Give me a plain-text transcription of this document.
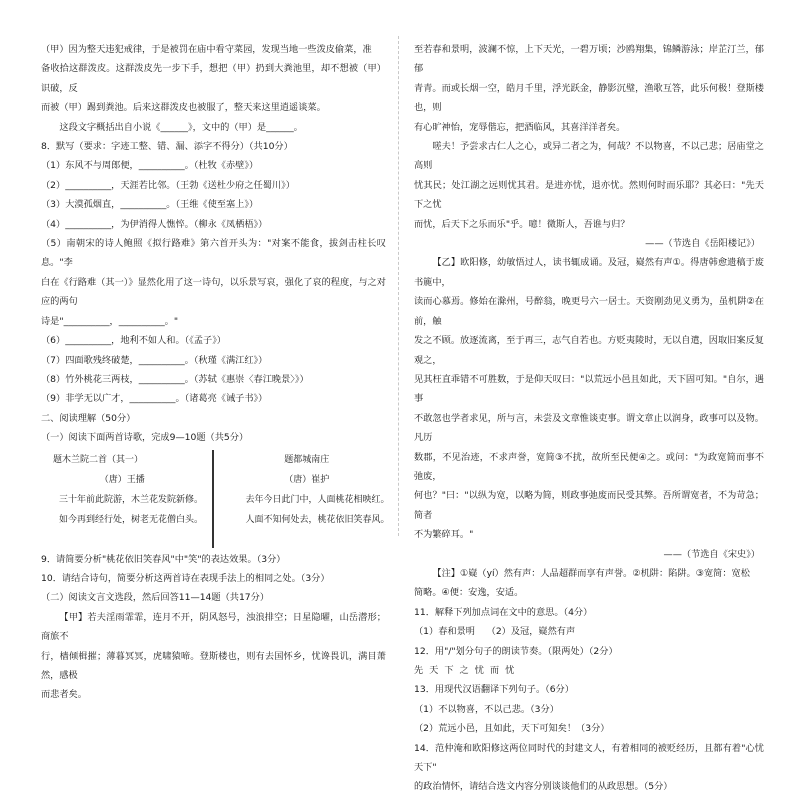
（甲）因为整天违犯戒律，于是被罚在庙中看守菜园，发现当地一些泼皮偷菜，准

备收拾这群泼皮。这群泼皮先一步下手，想把（甲）扔到大粪池里，却不想被（甲）识破，反

而被（甲）踢到粪池。后来这群泼皮也被服了，整天来这里逍遥谈菜。

这段文字概括出自小说《______》，文中的（甲）是______。

8．默写（要求：字迹工整、错、漏、添字不得分）（共10分）

（1）东风不与周郎便，__________。（杜牧《赤壁》）

（2）__________，天涯若比邻。（王勃《送杜少府之任蜀川》）

（3）大漠孤烟直，__________。（王维《使至塞上》）

（4）__________，为伊消得人憔悴。（柳永《凤栖梧》）

（5）南朝宋的诗人鲍照《拟行路难》第六首开头为："对案不能食，拔剑击柱长叹息。"李

白在《行路难（其一）》显然化用了这一诗句，以乐景写哀，强化了哀的程度，与之对应的两句

诗是"__________，__________。"

（6）__________，地利不如人和。（《孟子》）

（7）四面歌残终破楚，__________。（秋瑾《满江红》）

（8）竹外桃花三两枝，__________。（苏轼《惠崇〈春江晚景〉》）

（9）非学无以广才，__________。（诸葛亮《诫子书》）

二、阅读理解（50分）

（一）阅读下面两首诗歌，完成9—10题（共5分）

题木兰院二首（其一）
（唐）王播
三十年前此院游，木兰花发院新修。
如今再到经行处，树老无花僧白头。
题都城南庄
（唐）崔护
去年今日此门中，人面桃花相映红。
人面不知何处去，桃花依旧笑春风。

9．请简要分析"桃花依旧笑春风"中"笑"的表达效果。（3分）

10．请结合诗句，简要分析这两首诗在表现手法上的相同之处。（3分）

（二）阅读文言文选段，然后回答11—14题（共17分）

【甲】若夫淫雨霏霏，连月不开，阴风怒号，浊浪排空；日星隐曜，山岳潜形；商旅不

行，樯倾楫摧；薄暮冥冥，虎啸猿啼。登斯楼也，则有去国怀乡，忧谗畏讥，满目萧然，感极

而悲者矣。

至若春和景明，波澜不惊，上下天光，一碧万顷；沙鸥翔集，锦鳞游泳；岸芷汀兰，郁郁

青青。而或长烟一空，皓月千里，浮光跃金，静影沉璧，渔歌互答，此乐何极！登斯楼也，则

有心旷神怡，宠辱偕忘，把酒临风，其喜洋洋者矣。

嗟夫！予尝求古仁人之心，或异二者之为，何哉？不以物喜，不以己悲；居庙堂之高则

忧其民；处江湖之远则忧其君。是进亦忧，退亦忧。然则何时而乐耶？其必曰："先天下之忧

而忧，后天下之乐而乐"乎。噫！微斯人，吾谁与归？

——（节选自《岳阳楼记》）

【乙】欧阳修，幼敏悟过人，读书辄成诵。及冠，嶷然有声①。得唐韩愈遗稿于废书簏中，

读而心慕焉。修始在滁州，号醉翁，晚更号六一居士。天资刚劲见义勇为，虽机阱②在前，触

发之不顾。放逐流离，至于再三，志气自若也。方贬夷陵时，无以自遣，因取旧案反复观之，

见其枉直乖错不可胜数，于是仰天叹曰："以荒远小邑且如此，天下固可知。"自尔，遇事

不敢忽也学者求见，所与言，未尝及文章惟谈吏事。谓文章止以润身，政事可以及物。凡历

数郡，不见治迹，不求声誉，宽简③不扰，故所至民便④之。或问："为政宽简而事不弛废，

何也？"曰："以纵为宽，以略为简，则政事弛废而民受其弊。吾所谓宽者，不为苛急；简者

不为繁碎耳。"

——（节选自《宋史》）

【注】①嶷（yí）然有声：人品超群而享有声誉。②机阱：陷阱。③宽简：宽松

简略。④便：安逸，安适。

11．解释下列加点词在文中的意思。（4分）

（1）春和景明    （2）及冠，嶷然有声

12．用"/"划分句子的朗读节奏。（限两处）（2分）

先天下之忧而忧

13．用现代汉语翻译下列句子。（6分）

（1）不以物喜，不以己悲。（3分）

（2）荒远小邑，且如此，天下可知矣！（3分）

14．范仲淹和欧阳修这两位同时代的封建文人，有着相同的被贬经历，且都有着"心忧天下"

的政治情怀，请结合选文内容分别谈谈他们的从政思想。（5分）
